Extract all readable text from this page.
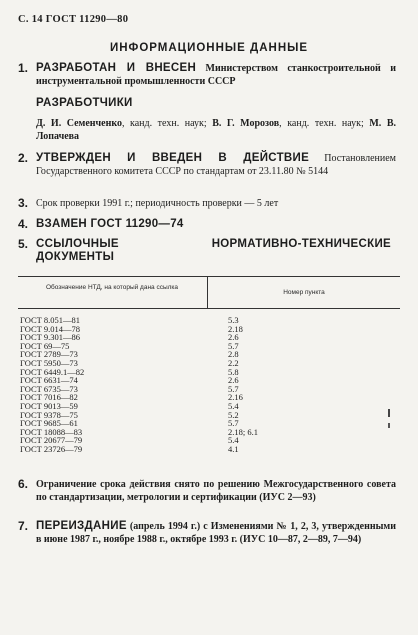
С. 14 ГОСТ 11290—80
ИНФОРМАЦИОННЫЕ ДАННЫЕ
1. РАЗРАБОТАН И ВНЕСЕН Министерством станкостроительной и инструментальной промышленности СССР
РАЗРАБОТЧИКИ
Д. И. Семенченко, канд. техн. наук; В. Г. Морозов, канд. техн. наук; М. В. Лопачева
2. УТВЕРЖДЕН И ВВЕДЕН В ДЕЙСТВИЕ Постановлением Государственного комитета СССР по стандартам от 23.11.80 № 5144
3. Срок проверки 1991 г.; периодичность проверки — 5 лет
4. ВЗАМЕН ГОСТ 11290—74
5. ССЫЛОЧНЫЕ НОРМАТИВНО-ТЕХНИЧЕСКИЕ ДОКУМЕНТЫ
Обозначение НТД, на который дана ссылка
Номер пункта
ГОСТ 8.051—81	5.3
ГОСТ 9.014—78	2.18
ГОСТ 9.301—86	2.6
ГОСТ 69—75	5.7
ГОСТ 2789—73	2.8
ГОСТ 5950—73	2.2
ГОСТ 6449.1—82	5.8
ГОСТ 6631—74	2.6
ГОСТ 6735—73	5.7
ГОСТ 7016—82	2.16
ГОСТ 9013—59	5.4
ГОСТ 9378—75	5.2
ГОСТ 9685—61	5.7
ГОСТ 18088—83	2.18; 6.1
ГОСТ 20677—79	5.4
ГОСТ 23726—79	4.1
6. Ограничение срока действия снято по решению Межгосударственного совета по стандартизации, метрологии и сертификации (ИУС 2—93)
7. ПЕРЕИЗДАНИЕ (апрель 1994 г.) с Изменениями № 1, 2, 3, утвержденными в июне 1987 г., ноябре 1988 г., октябре 1993 г. (ИУС 10—87, 2—89, 7—94)
